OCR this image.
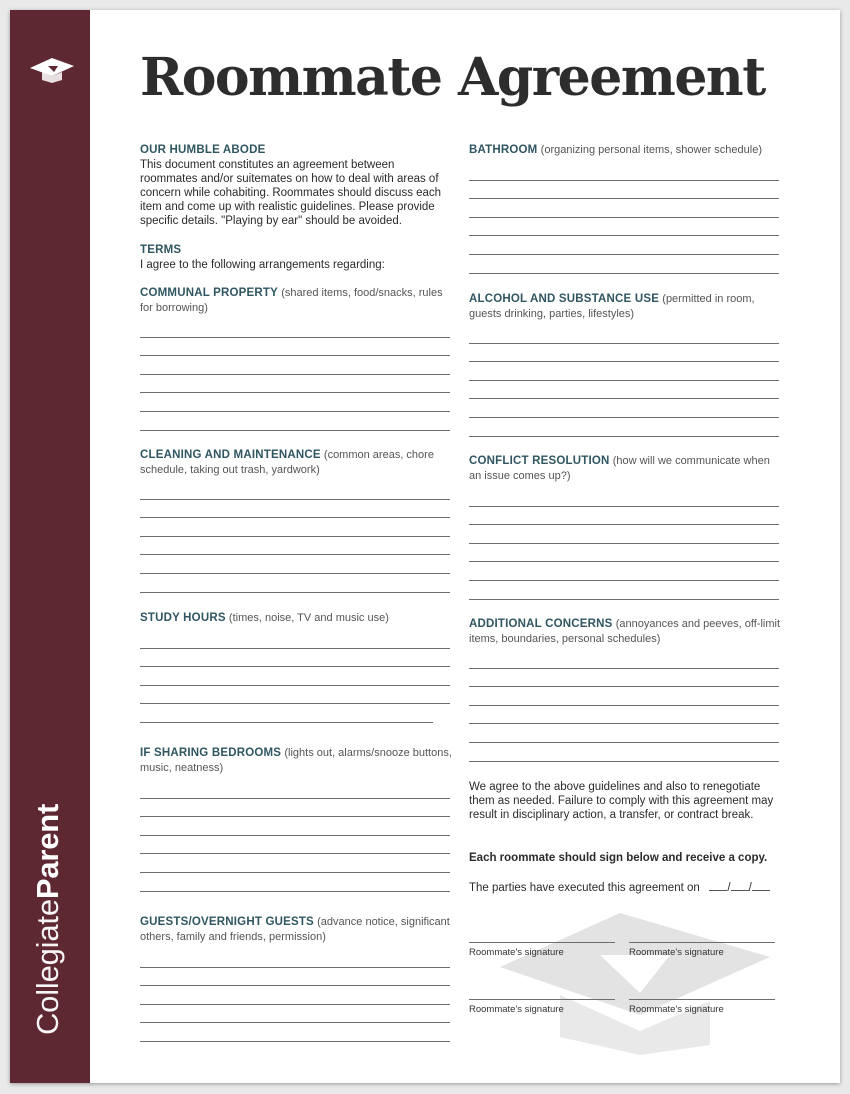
CollegiateParent
Roommate Agreement
OUR HUMBLE ABODE
This document constitutes an agreement between roommates and/or suitemates on how to deal with areas of concern while cohabiting. Roommates should discuss each item and come up with realistic guidelines. Please provide specific details. "Playing by ear" should be avoided.
TERMS
I agree to the following arrangements regarding:
COMMUNAL PROPERTY (shared items, food/snacks, rules for borrowing)
CLEANING AND MAINTENANCE (common areas, chore schedule, taking out trash, yardwork)
STUDY HOURS (times, noise, TV and music use)
IF SHARING BEDROOMS (lights out, alarms/snooze buttons, music, neatness)
GUESTS/OVERNIGHT GUESTS (advance notice, significant others, family and friends, permission)
BATHROOM (organizing personal items, shower schedule)
ALCOHOL AND SUBSTANCE USE (permitted in room, guests drinking, parties, lifestyles)
CONFLICT RESOLUTION (how will we communicate when an issue comes up?)
ADDITIONAL CONCERNS (annoyances and peeves, off-limit items, boundaries, personal schedules)
We agree to the above guidelines and also to renegotiate them as needed. Failure to comply with this agreement may result in disciplinary action, a transfer, or contract break.
Each roommate should sign below and receive a copy.
The parties have executed this agreement on / /
Roommate's signature	Roommate's signature
Roommate's signature	Roommate's signature
